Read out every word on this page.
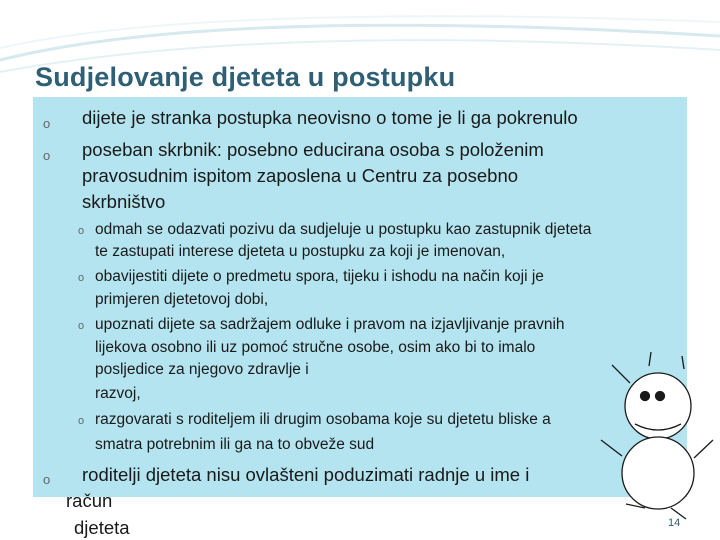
Sudjelovanje djeteta u postupku
o dijete je stranka postupka neovisno o tome je li ga pokrenulo
o poseban skrbnik: posebno educirana osoba s položenim
pravosudnim ispitom zaposlena u Centru za posebno
skrbništvo
o odmah se odazvati pozivu da sudjeluje u postupku kao zastupnik djeteta
te zastupati interese djeteta u postupku za koji je imenovan,
o obavijestiti dijete o predmetu spora, tijeku i ishodu na način koji je
primjeren djetetovoj dobi,
o upoznati dijete sa sadržajem odluke i pravom na izjavljivanje pravnih
lijekova osobno ili uz pomoć stručne osobe, osim ako bi to imalo
posljedice za njegovo zdravlje i
razvoj,
o razgovarati s roditeljem ili drugim osobama koje su djetetu bliske a
smatra potrebnim ili ga na to obveže sud
o roditelji djeteta nisu ovlašteni poduzimati radnje u ime i
račun
djeteta	14
